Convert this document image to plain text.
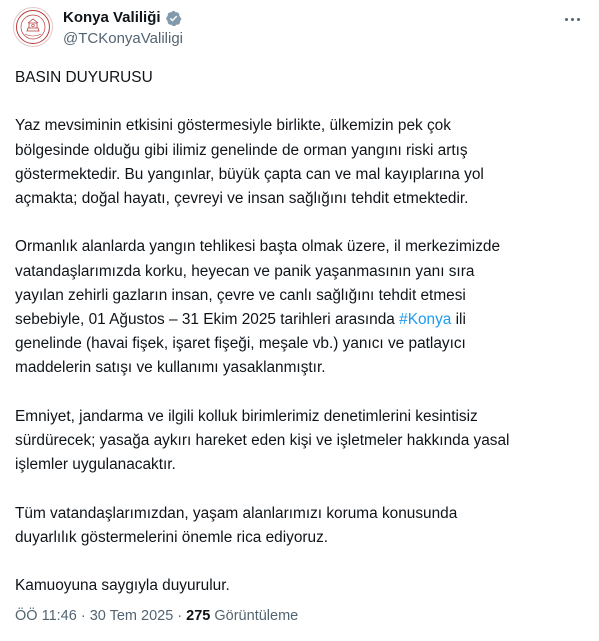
Konya Valiliği
@TCKonyaValiligi

BASIN DUYURUSU

Yaz mevsiminin etkisini göstermesiyle birlikte, ülkemizin pek çok
bölgesinde olduğu gibi ilimiz genelinde de orman yangını riski artış
göstermektedir. Bu yangınlar, büyük çapta can ve mal kayıplarına yol
açmakta; doğal hayatı, çevreyi ve insan sağlığını tehdit etmektedir.

Ormanlık alanlarda yangın tehlikesi başta olmak üzere, il merkezimizde
vatandaşlarımızda korku, heyecan ve panik yaşanmasının yanı sıra
yayılan zehirli gazların insan, çevre ve canlı sağlığını tehdit etmesi
sebebiyle, 01 Ağustos – 31 Ekim 2025 tarihleri arasında #Konya ili
genelinde (havai fişek, işaret fişeği, meşale vb.) yanıcı ve patlayıcı
maddelerin satışı ve kullanımı yasaklanmıştır.

Emniyet, jandarma ve ilgili kolluk birimlerimiz denetimlerini kesintisiz
sürdürecek; yasağa aykırı hareket eden kişi ve işletmeler hakkında yasal
işlemler uygulanacaktır.

Tüm vatandaşlarımızdan, yaşam alanlarımızı koruma konusunda
duyarlılık göstermelerini önemle rica ediyoruz.

Kamuoyuna saygıyla duyurulur.

ÖÖ 11:46 · 30 Tem 2025 · 275 Görüntüleme
